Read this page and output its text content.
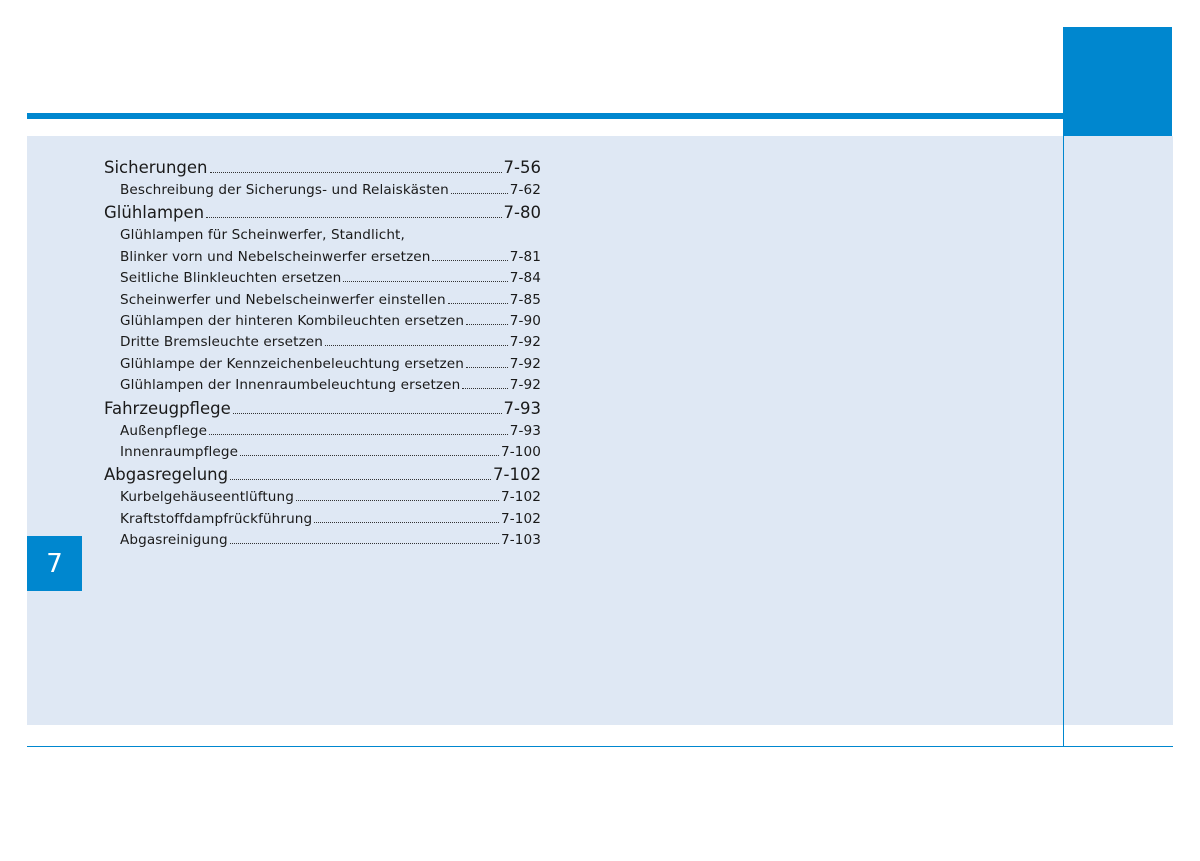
7
Sicherungen	7-56
Beschreibung der Sicherungs- und Relaiskästen	7-62
Glühlampen	7-80
Glühlampen für Scheinwerfer, Standlicht,
Blinker vorn und Nebelscheinwerfer ersetzen	7-81
Seitliche Blinkleuchten ersetzen	7-84
Scheinwerfer und Nebelscheinwerfer einstellen	7-85
Glühlampen der hinteren Kombileuchten ersetzen	7-90
Dritte Bremsleuchte ersetzen	7-92
Glühlampe der Kennzeichenbeleuchtung ersetzen	7-92
Glühlampen der Innenraumbeleuchtung ersetzen	7-92
Fahrzeugpflege	7-93
Außenpflege	7-93
Innenraumpflege	7-100
Abgasregelung	7-102
Kurbelgehäuseentlüftung	7-102
Kraftstoffdampfrückführung	7-102
Abgasreinigung	7-103
